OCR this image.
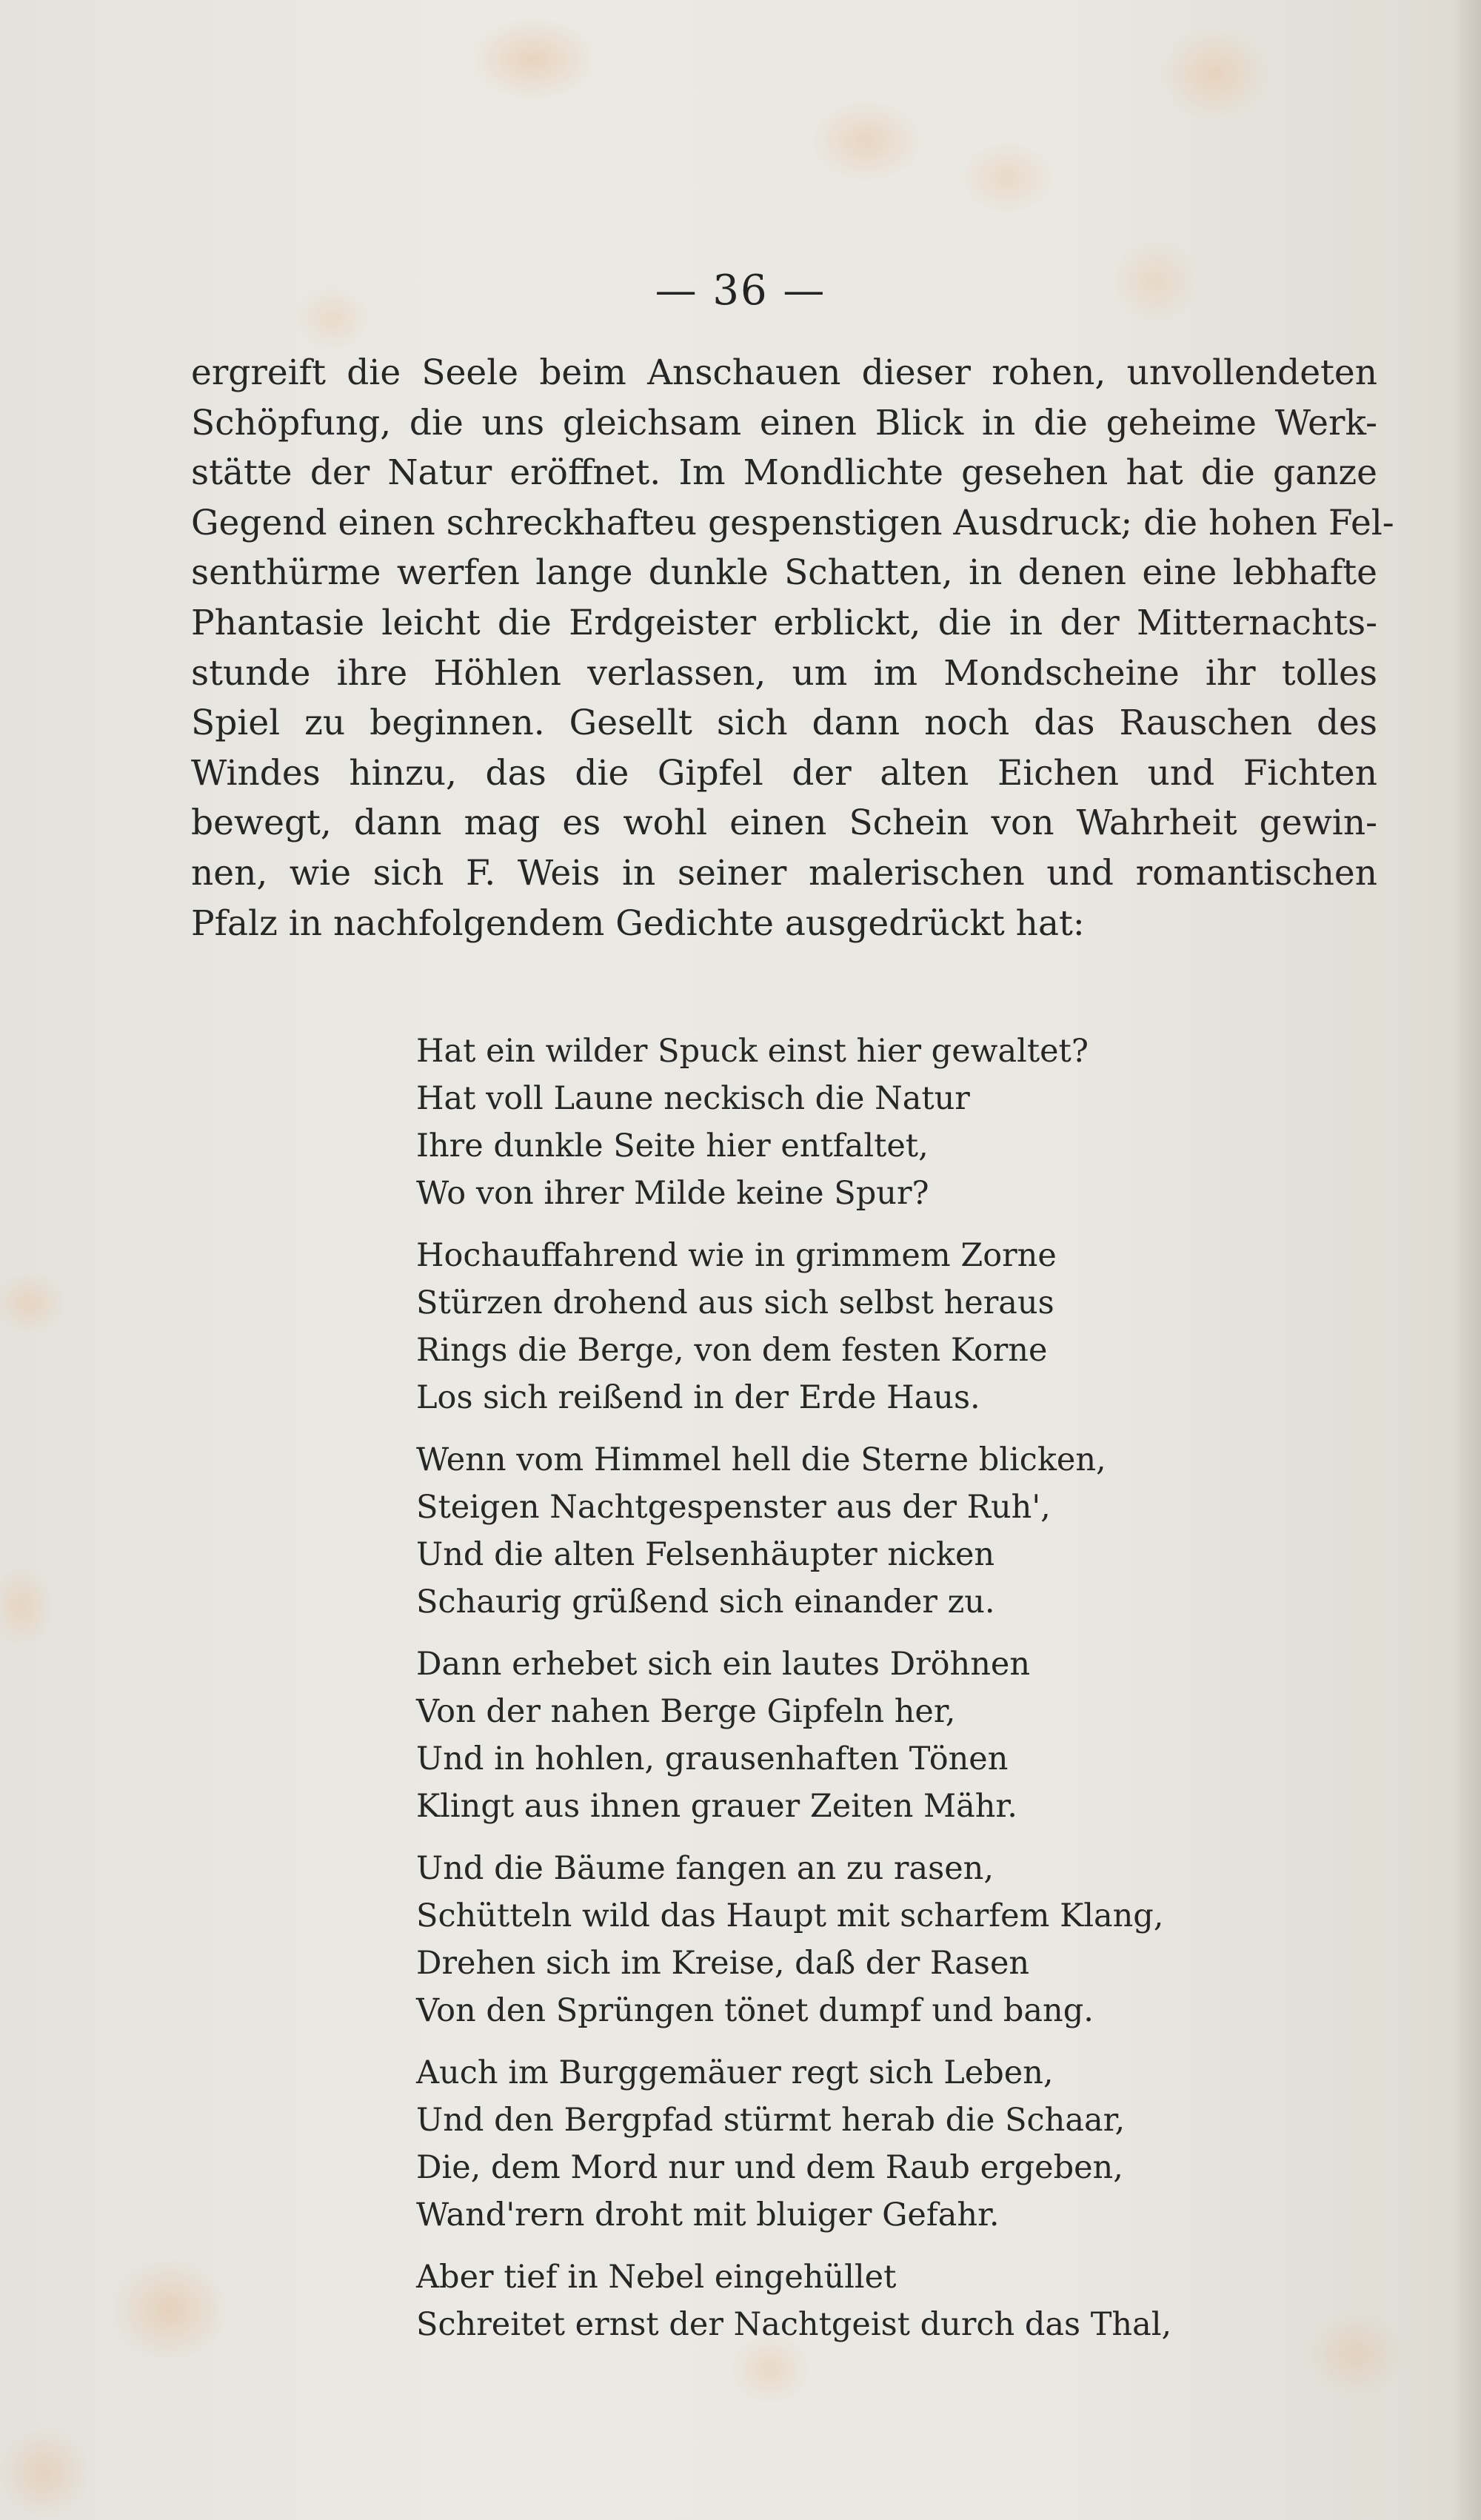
— 36 —
ergreift die Seele beim Anschauen dieser rohen, unvollendeten
Schöpfung, die uns gleichsam einen Blick in die geheime Werk-
stätte der Natur eröffnet. Im Mondlichte gesehen hat die ganze
Gegend einen schreckhafteu gespenstigen Ausdruck; die hohen Fel-
senthürme werfen lange dunkle Schatten, in denen eine lebhafte
Phantasie leicht die Erdgeister erblickt, die in der Mitternachts-
stunde ihre Höhlen verlassen, um im Mondscheine ihr tolles
Spiel zu beginnen. Gesellt sich dann noch das Rauschen des
Windes hinzu, das die Gipfel der alten Eichen und Fichten
bewegt, dann mag es wohl einen Schein von Wahrheit gewin-
nen, wie sich F. Weis in seiner malerischen und romantischen
Pfalz in nachfolgendem Gedichte ausgedrückt hat:
Hat ein wilder Spuck einst hier gewaltet?
Hat voll Laune neckisch die Natur
Ihre dunkle Seite hier entfaltet,
Wo von ihrer Milde keine Spur?
Hochauffahrend wie in grimmem Zorne
Stürzen drohend aus sich selbst heraus
Rings die Berge, von dem festen Korne
Los sich reißend in der Erde Haus.
Wenn vom Himmel hell die Sterne blicken,
Steigen Nachtgespenster aus der Ruh',
Und die alten Felsenhäupter nicken
Schaurig grüßend sich einander zu.
Dann erhebet sich ein lautes Dröhnen
Von der nahen Berge Gipfeln her,
Und in hohlen, grausenhaften Tönen
Klingt aus ihnen grauer Zeiten Mähr.
Und die Bäume fangen an zu rasen,
Schütteln wild das Haupt mit scharfem Klang,
Drehen sich im Kreise, daß der Rasen
Von den Sprüngen tönet dumpf und bang.
Auch im Burggemäuer regt sich Leben,
Und den Bergpfad stürmt herab die Schaar,
Die, dem Mord nur und dem Raub ergeben,
Wand'rern droht mit bluiger Gefahr.
Aber tief in Nebel eingehüllet
Schreitet ernst der Nachtgeist durch das Thal,
